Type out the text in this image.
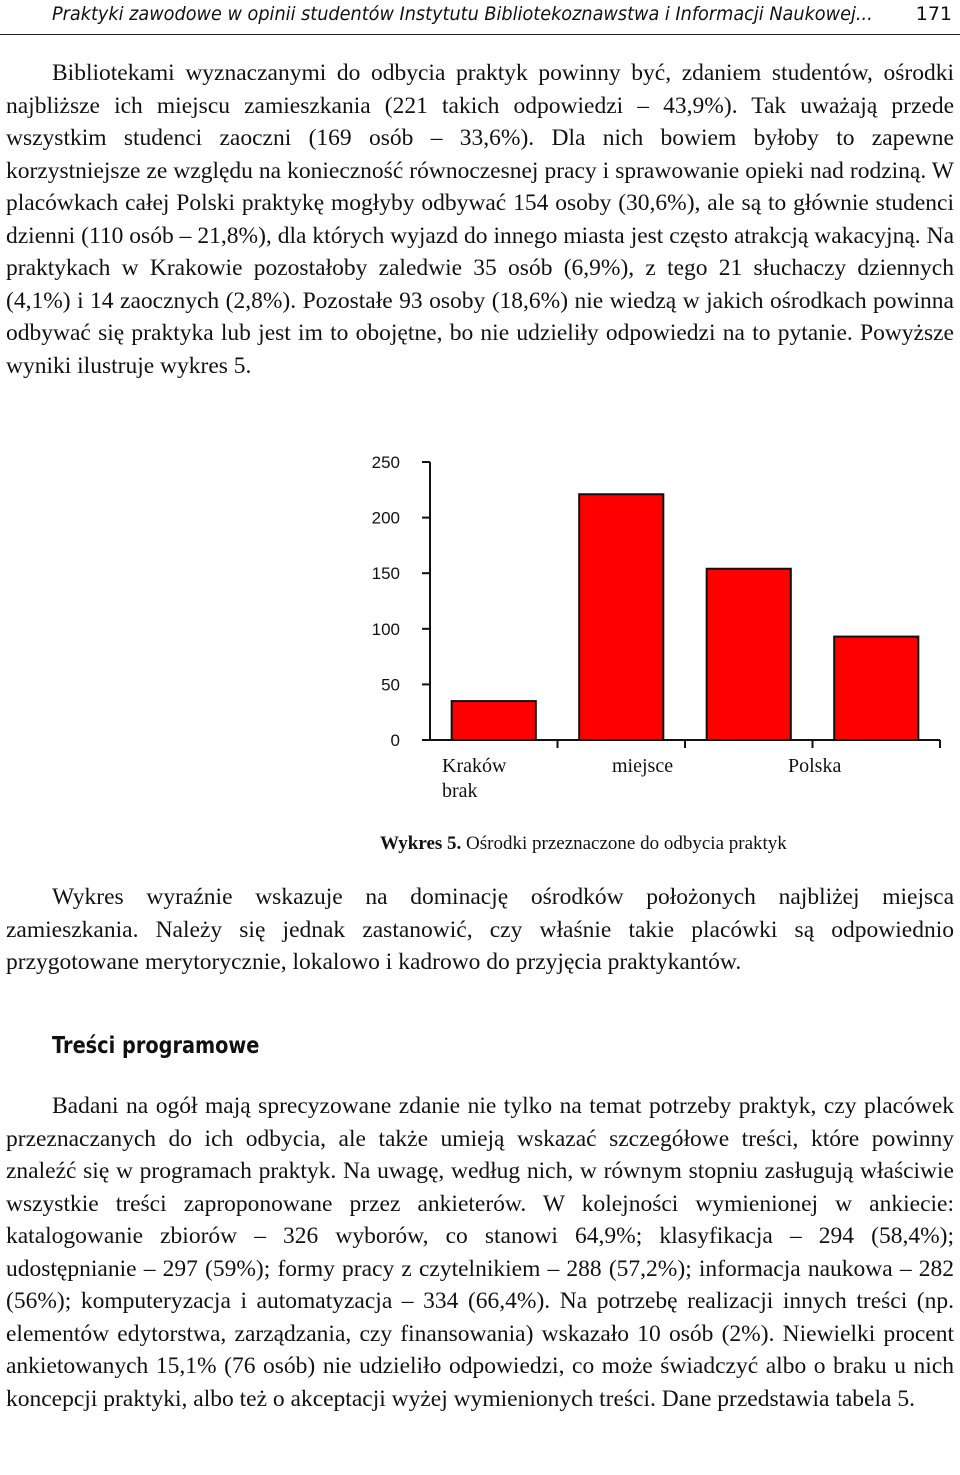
Praktyki zawodowe w opinii studentów Instytutu Bibliotekoznawstwa i Informacji Naukowej... 171

Bibliotekami wyznaczanymi do odbycia praktyk powinny być, zdaniem studentów, ośrodki najbliższe ich miejscu zamieszkania (221 takich odpowiedzi – 43,9%). Tak uważają przede wszystkim studenci zaoczni (169 osób – 33,6%). Dla nich bowiem byłoby to zapewne korzystniejsze ze względu na konieczność równoczesnej pracy i sprawowanie opieki nad rodziną. W placówkach całej Polski praktykę mogłyby odbywać 154 osoby (30,6%), ale są to głównie studenci dzienni (110 osób – 21,8%), dla których wyjazd do innego miasta jest często atrakcją wakacyjną. Na praktykach w Krakowie pozostałoby zaledwie 35 osób (6,9%), z tego 21 słuchaczy dziennych (4,1%) i 14 zaocznych (2,8%). Pozostałe 93 osoby (18,6%) nie wiedzą w jakich ośrodkach powinna odbywać się praktyka lub jest im to obojętne, bo nie udzieliły odpowiedzi na to pytanie. Powyższe wyniki ilustruje wykres 5.

0
50
100
150
200
250
Kraków
brak
miejsce	Polska
Wykres 5. Ośrodki przeznaczone do odbycia praktyk

Wykres wyraźnie wskazuje na dominację ośrodków położonych najbliżej miejsca zamieszkania. Należy się jednak zastanowić, czy właśnie takie placówki są odpowiednio przygotowane merytorycznie, lokalowo i kadrowo do przyjęcia praktykantów.

Treści programowe

Badani na ogół mają sprecyzowane zdanie nie tylko na temat potrzeby praktyk, czy placówek przeznaczanych do ich odbycia, ale także umieją wskazać szczegółowe treści, które powinny znaleźć się w programach praktyk. Na uwagę, według nich, w równym stopniu zasługują właściwie wszystkie treści zaproponowane przez ankieterów. W kolejności wymienionej w ankiecie: katalogowanie zbiorów – 326 wyborów, co stanowi 64,9%; klasyfikacja – 294 (58,4%); udostępnianie – 297 (59%); formy pracy z czytelnikiem – 288 (57,2%); informacja naukowa – 282 (56%); komputeryzacja i automatyzacja – 334 (66,4%). Na potrzebę realizacji innych treści (np. elementów edytorstwa, zarządzania, czy finansowania) wskazało 10 osób (2%). Niewielki procent ankietowanych 15,1% (76 osób) nie udzieliło odpowiedzi, co może świadczyć albo o braku u nich koncepcji praktyki, albo też o akceptacji wyżej wymienionych treści. Dane przedstawia tabela 5.
